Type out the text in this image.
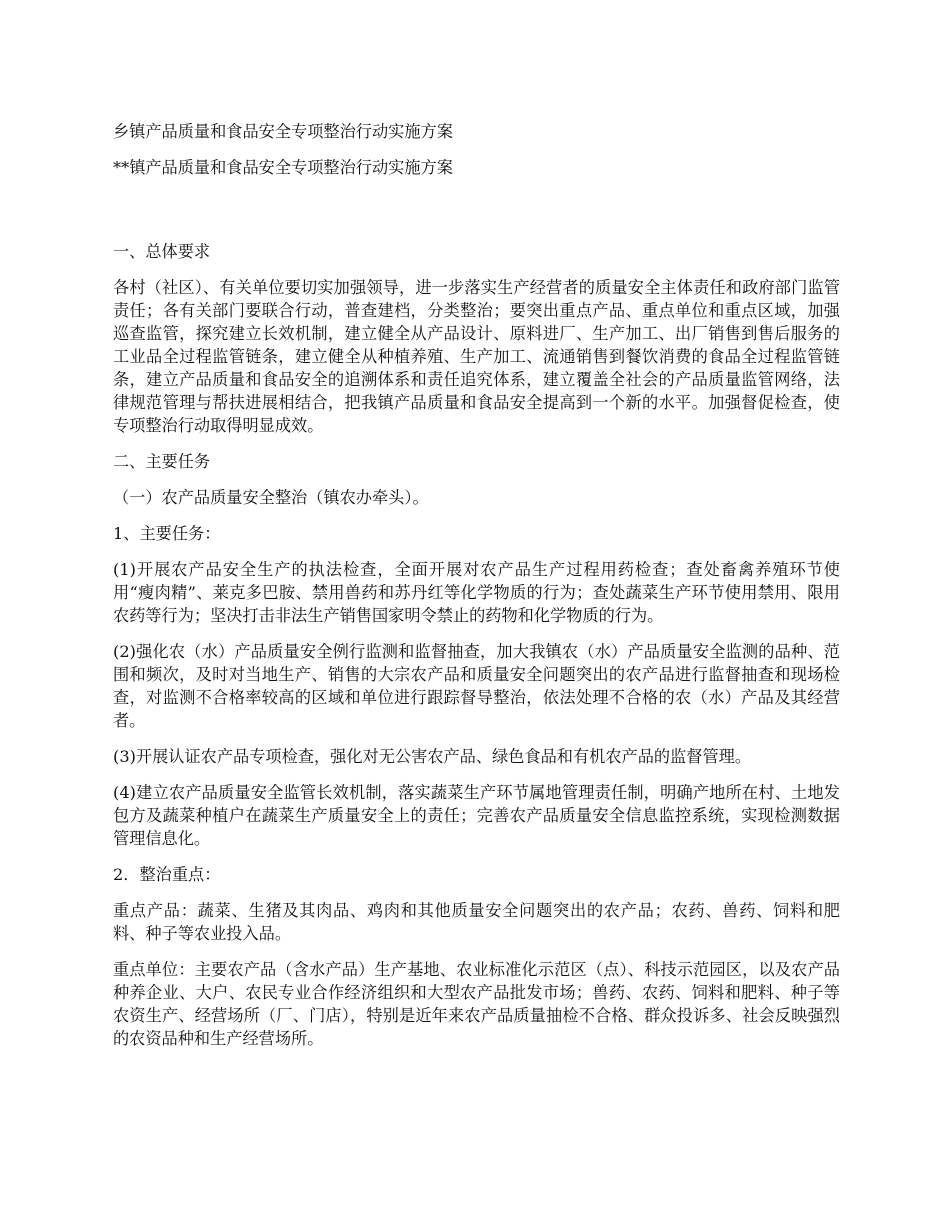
乡镇产品质量和食品安全专项整治行动实施方案

**镇产品质量和食品安全专项整治行动实施方案

一、总体要求

各村（社区）、有关单位要切实加强领导，进一步落实生产经营者的质量安全主体责任和政府部门监管责任；各有关部门要联合行动，普查建档，分类整治；要突出重点产品、重点单位和重点区域，加强巡查监管，探究建立长效机制，建立健全从产品设计、原料进厂、生产加工、出厂销售到售后服务的工业品全过程监管链条，建立健全从种植养殖、生产加工、流通销售到餐饮消费的食品全过程监管链条，建立产品质量和食品安全的追溯体系和责任追究体系，建立覆盖全社会的产品质量监管网络，法律规范管理与帮扶进展相结合，把我镇产品质量和食品安全提高到一个新的水平。加强督促检查，使专项整治行动取得明显成效。

二、主要任务

（一）农产品质量安全整治（镇农办牵头）。

1、主要任务：

(1)开展农产品安全生产的执法检查，全面开展对农产品生产过程用药检查；查处畜禽养殖环节使用“瘦肉精”、莱克多巴胺、禁用兽药和苏丹红等化学物质的行为；查处蔬菜生产环节使用禁用、限用农药等行为；坚决打击非法生产销售国家明令禁止的药物和化学物质的行为。

(2)强化农（水）产品质量安全例行监测和监督抽查，加大我镇农（水）产品质量安全监测的品种、范围和频次，及时对当地生产、销售的大宗农产品和质量安全问题突出的农产品进行监督抽查和现场检查，对监测不合格率较高的区域和单位进行跟踪督导整治，依法处理不合格的农（水）产品及其经营者。

(3)开展认证农产品专项检查，强化对无公害农产品、绿色食品和有机农产品的监督管理。

(4)建立农产品质量安全监管长效机制，落实蔬菜生产环节属地管理责任制，明确产地所在村、土地发包方及蔬菜种植户在蔬菜生产质量安全上的责任；完善农产品质量安全信息监控系统，实现检测数据管理信息化。

2．整治重点：

重点产品：蔬菜、生猪及其肉品、鸡肉和其他质量安全问题突出的农产品；农药、兽药、饲料和肥料、种子等农业投入品。

重点单位：主要农产品（含水产品）生产基地、农业标准化示范区（点）、科技示范园区，以及农产品种养企业、大户、农民专业合作经济组织和大型农产品批发市场；兽药、农药、饲料和肥料、种子等农资生产、经营场所（厂、门店），特别是近年来农产品质量抽检不合格、群众投诉多、社会反映强烈的农资品种和生产经营场所。
